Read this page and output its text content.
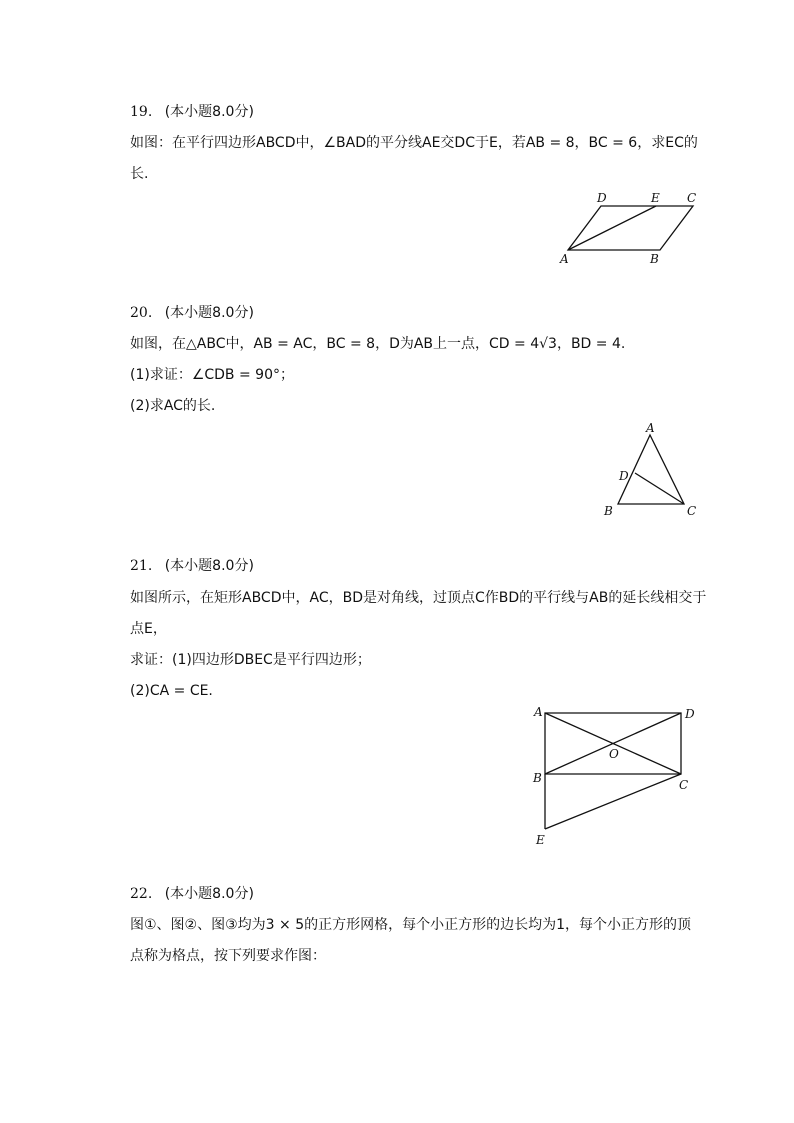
19. (本小题8.0分)
如图：在平行四边形ABCD中，∠BAD的平分线AE交DC于E，若AB = 8，BC = 6，求EC的
长.
A	B
C
D	E
20. (本小题8.0分)
如图，在△ABC中，AB = AC，BC = 8，D为AB上一点，CD = 4√3，BD = 4.
(1)求证：∠CDB = 90°；
(2)求AC的长.
A
B	C
D
21. (本小题8.0分)
如图所示，在矩形ABCD中，AC，BD是对角线，过顶点C作BD的平行线与AB的延长线相交于
点E，
求证：(1)四边形DBEC是平行四边形；
(2)CA = CE.
A	D
B	C
O
E
22. (本小题8.0分)
图①、图②、图③均为3 × 5的正方形网格，每个小正方形的边长均为1，每个小正方形的顶
点称为格点，按下列要求作图：
